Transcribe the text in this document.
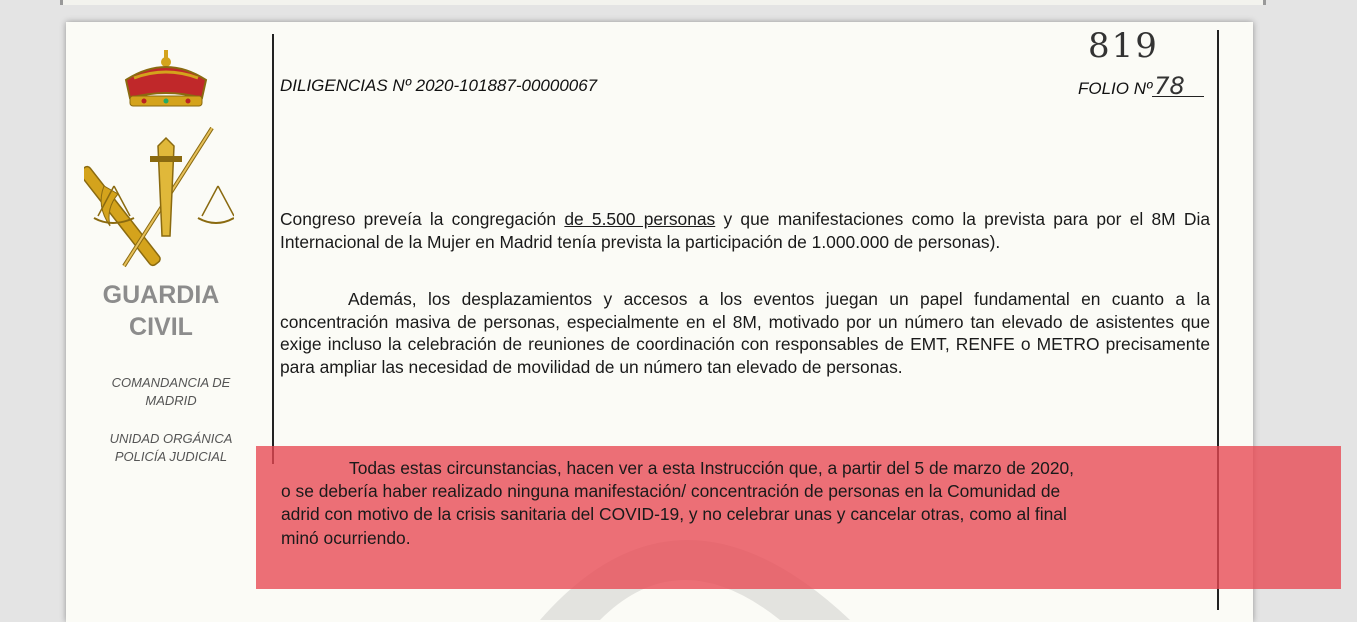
GUARDIA
CIVIL
COMANDANCIA DE
MADRID
UNIDAD ORGÁNICA
POLICÍA JUDICIAL
819
DILIGENCIAS Nº 2020-101887-00000067	FOLIO Nº78
Congreso preveía la congregación de 5.500 personas y que manifestaciones como la prevista para por el 8M Dia Internacional de la Mujer en Madrid tenía prevista la participación de 1.000.000 de personas).
Además, los desplazamientos y accesos a los eventos juegan un papel fundamental en cuanto a la concentración masiva de personas, especialmente en el 8M, motivado por un número tan elevado de asistentes que exige incluso la celebración de reuniones de coordinación con responsables de EMT, RENFE o METRO precisamente para ampliar las necesidad de movilidad de un número tan elevado de personas.
Todas estas circunstancias, hacen ver a esta Instrucción que, a partir del 5 de marzo de 2020,
o se debería haber realizado ninguna manifestación/ concentración de personas en la Comunidad de
adrid con motivo de la crisis sanitaria del COVID-19, y no celebrar unas y cancelar otras, como al final
minó ocurriendo.
